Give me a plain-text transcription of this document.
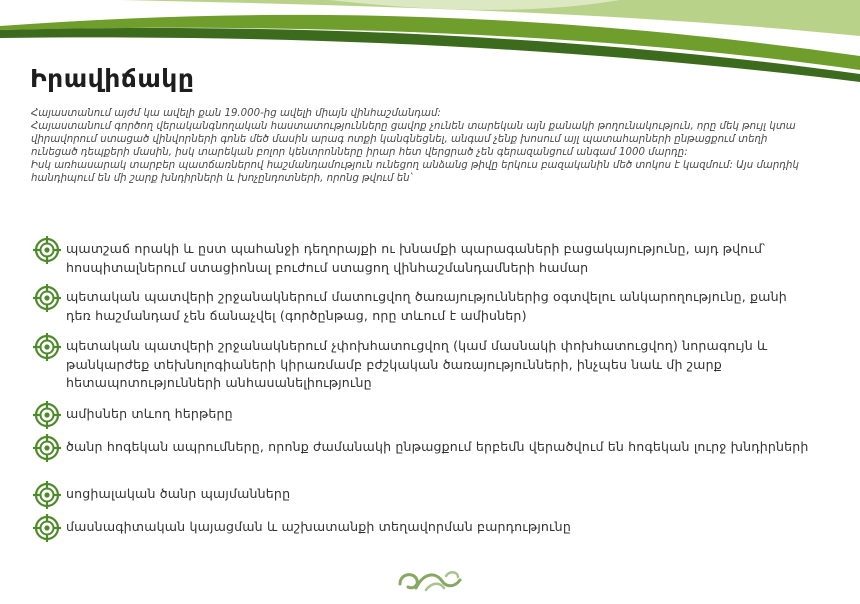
Իրավիճակը

Հայաստանում այժմ կա ավելի քան 19.000-ից ավելի միայն վինհաշմանդամ:

Հայաստանում գործող վերականգնողական հաստատությունները ցավոք չունեն տարեկան այն քանակի թողունակություն, որը մեկ թույլ կտա վիրավորում ստացած վինվորների գոնե մեծ մասին արագ ոտքի կանգնեցնել, անգամ չենք խոսում այլ պատահարների ընթացքում տեղի ունեցած դեպքերի մասին, իսկ տարեկան բոլոր կենտրոնները իրար հետ վերցրած չեն գերազանցում անգամ 1000 մարդը:

Իսկ առհասարակ տարբեր պատճառներով հաշմանդամություն ունեցող անձանց թիվը երկուս բազականին մեծ տոկոս է կազմում: Այս մարդիկ հանդիպում են մի շարք խնդիրների և խոչընդոտների, որոնց թվում են՝

պատշաճ որակի և ըստ պահանջի դեղորայքի ու խնամքի պարագաների բացակայությունը, այդ թվում՝ հոսպիտալներում ստացիոնալ բուժում ստացող վինհաշմանդամների համար
պետական պատվերի շրջանակներում մատուցվող ծառայություններից օգտվելու անկարողությունը, քանի դեռ հաշմանդամ չեն ճանաչվել (գործընթաց, որը տևում է ամիսներ)
պետական պատվերի շրջանակներում չփոխհատուցվող (կամ մասնակի փոխհատուցվող) նորագույն և թանկարժեք տեխնոլոգիաների կիրառմամբ բժշկական ծառայությունների, ինչպես նաև մի շարք հետապոտությունների անհասանելիությունը
ամիսներ տևող հերթերը
ծանր հոգեկան ապրումները, որոնք ժամանակի ընթացքում երբեմն վերածվում են հոգեկան լուրջ խնդիրների
սոցիալական ծանր պայմանները
մասնագիտական կայացման և աշխատանքի տեղավորման բարդությունը
